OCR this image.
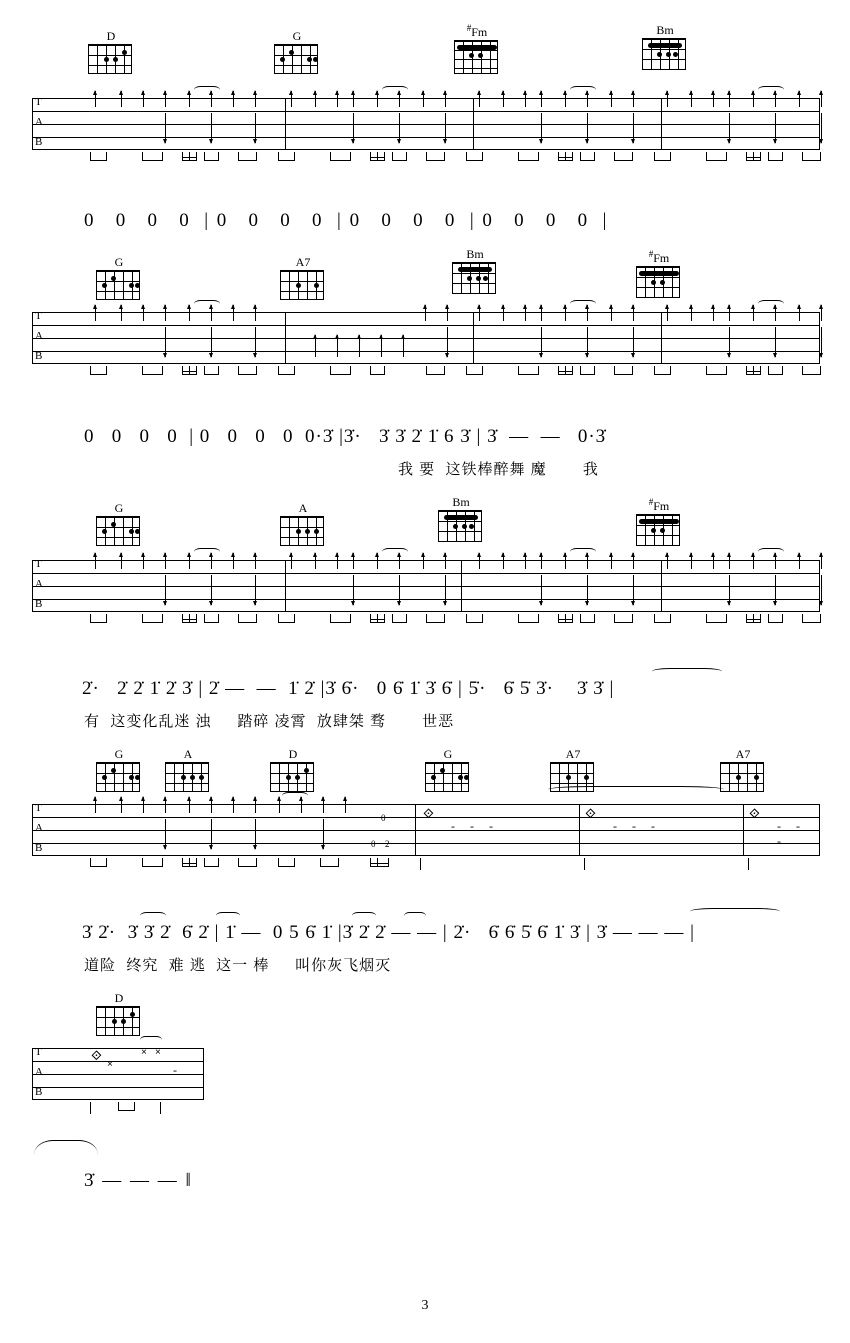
D	G
#Fm	Bm
T
A
B
0   0   0   0  | 0   0   0   0  | 0   0   0   0  | 0   0   0   0  |
G	A7
Bm	#Fm
T
A
B
0   0   0   0  | 0   0   0   0  0·3̇ |3̇·   3̇ 3̇ 2̇ 1̇ 6 3̇ | 3̇  —  —   0·3̇
我 要  这铁棒醉舞 魔       我
G	A	Bm	#Fm
T
A
B
2̇·   2̇ 2̇ 1̇ 2̇ 3̇ | 2̇ —  —  1̇ 2̇ |3̇ 6̇·   0 6̇ 1̇ 3̇ 6̇ | 5̇·   6̇ 5̇ 3̇·    3̇ 3̇ |
有  这变化乱迷 浊     踏碎 凌霄  放肆桀 骛       世恶
G	A	D	G	A7	A7
T
A
B
0
0 2
𞢊
- - -
𞢊
- - -
𞢊
- - -
3̇ 2̇·  3̇ 3̇ 2̇  6̇ 2̇ | 1̇ —  0 5 6̇ 1̇ |3̇ 2̇ 2̇ — — | 2̇·   6̇ 6̇ 5̇ 6̇ 1̇ 3̇ | 3̇ — — — |
道险  终究  难 逃  这一 棒     叫你灰飞烟灭
D
T
A
B
𞢊 ×
× ×
-
3̇ — — — ‖
3
